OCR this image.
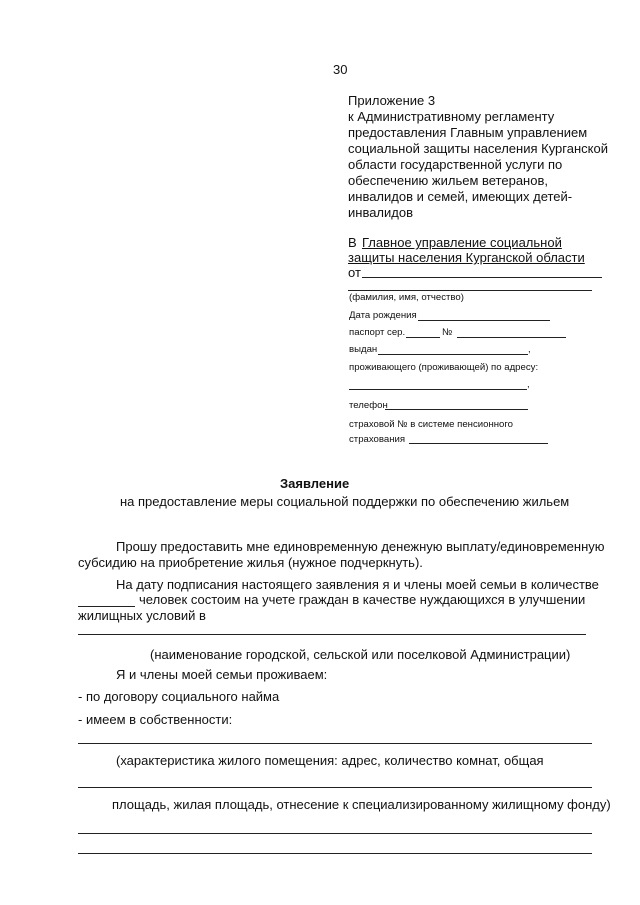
30
Приложение 3
к Административному регламенту
предоставления Главным управлением
социальной защиты населения Курганской
области государственной услуги по
обеспечению жильем ветеранов,
инвалидов и семей, имеющих детей-
инвалидов
В Главное управление социальной
защиты населения Курганской области
от
(фамилия, имя, отчество)
Дата рождения
паспорт сер.	№
выдан	,
проживающего (проживающей) по адресу:
,
телефон
страховой № в системе пенсионного
страхования
Заявление
на предоставление меры социальной поддержки по обеспечению жильем
Прошу предоставить мне единовременную денежную выплату/единовременную
субсидию на приобретение жилья (нужное подчеркнуть).
На дату подписания настоящего заявления я и члены моей семьи в количестве
человек состоим на учете граждан в качестве нуждающихся в улучшении
жилищных условий в
(наименование городской, сельской или поселковой Администрации)
Я и члены моей семьи проживаем:
- по договору социального найма
- имеем в собственности:
(характеристика жилого помещения: адрес, количество комнат, общая
площадь, жилая площадь, отнесение к специализированному жилищному фонду)
